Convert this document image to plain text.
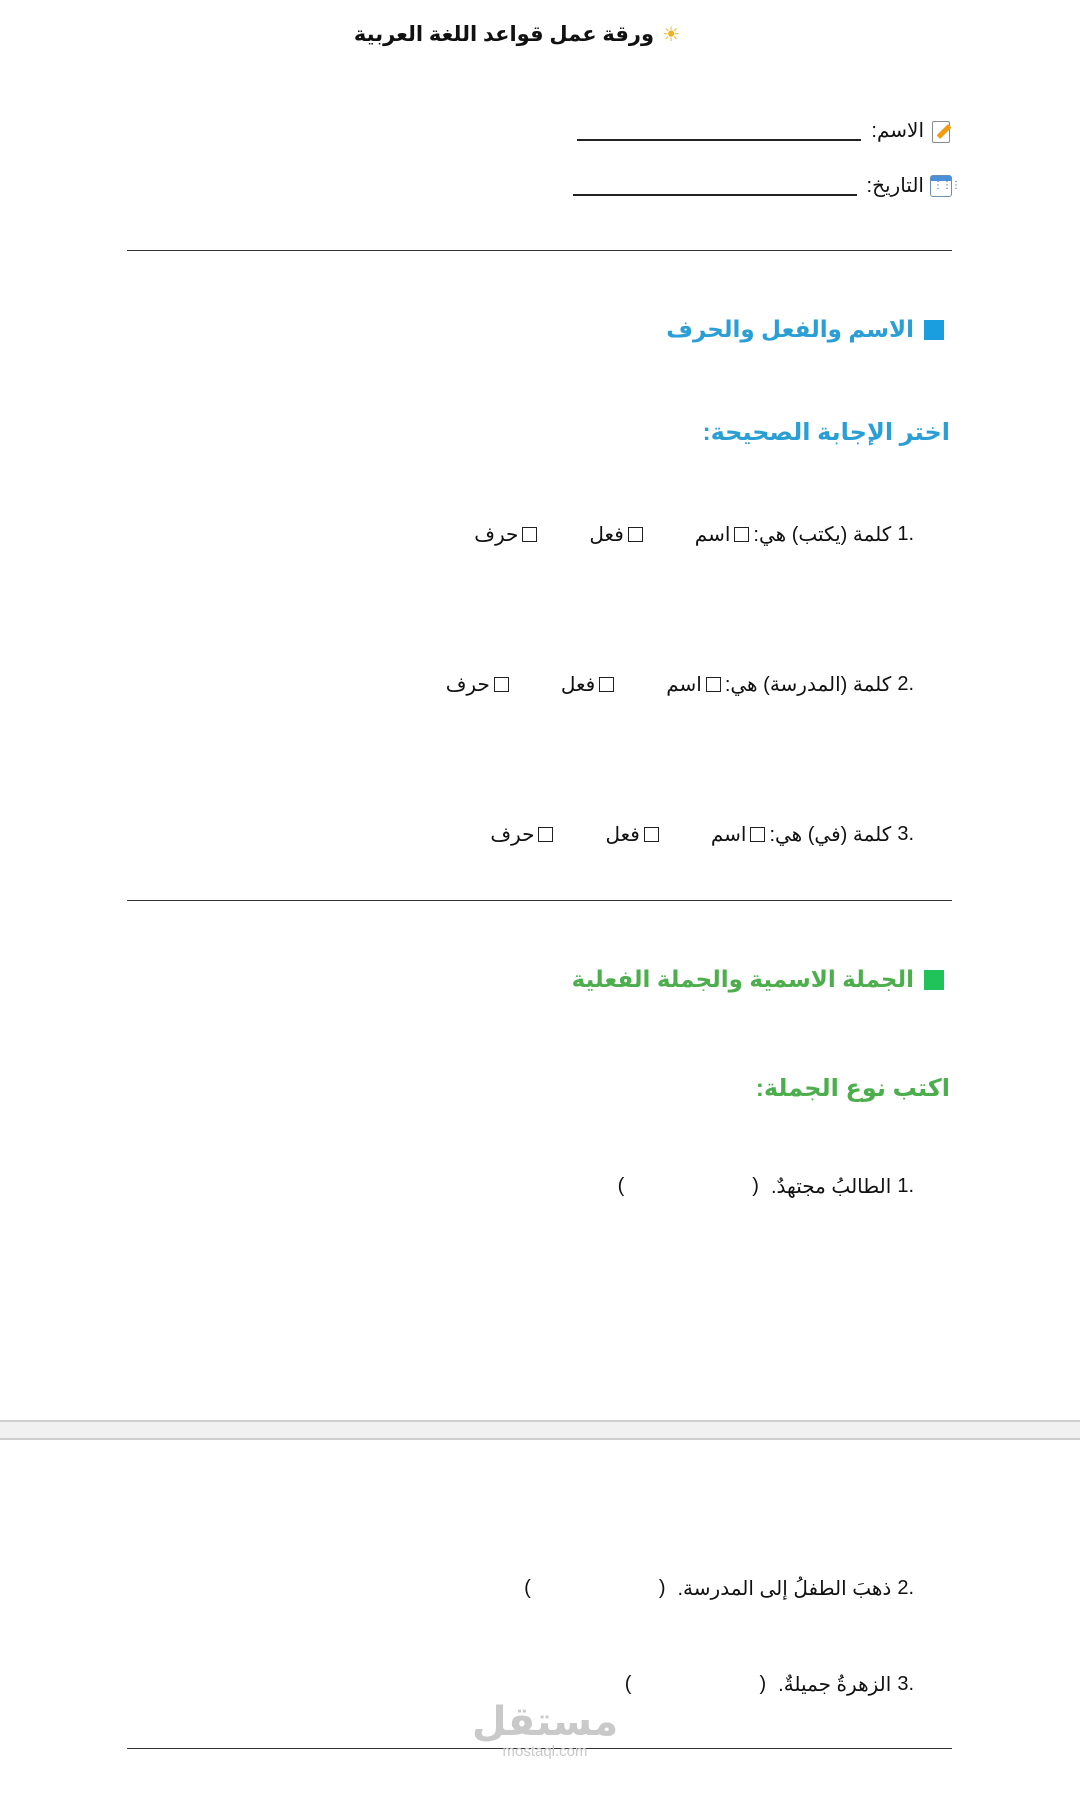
☀ورقة عمل قواعد اللغة العربية
الاسم:
⋮⋮⋮
التاريخ:
الاسم والفعل والحرف
اختر الإجابة الصحيحة:
.1
كلمة (يكتب) هي:
اسم
فعل
حرف
.2
كلمة (المدرسة) هي:
اسم
فعل
حرف
.3
كلمة (في) هي:
اسم
فعل
حرف
الجملة الاسمية والجملة الفعلية
اكتب نوع الجملة:
.1
الطالبُ مجتهدٌ.
(
)
.2
ذهبَ الطفلُ إلى المدرسة.
(
)
.3
الزهرةُ جميلةٌ.
(
)
مستقل
mostaql.com
